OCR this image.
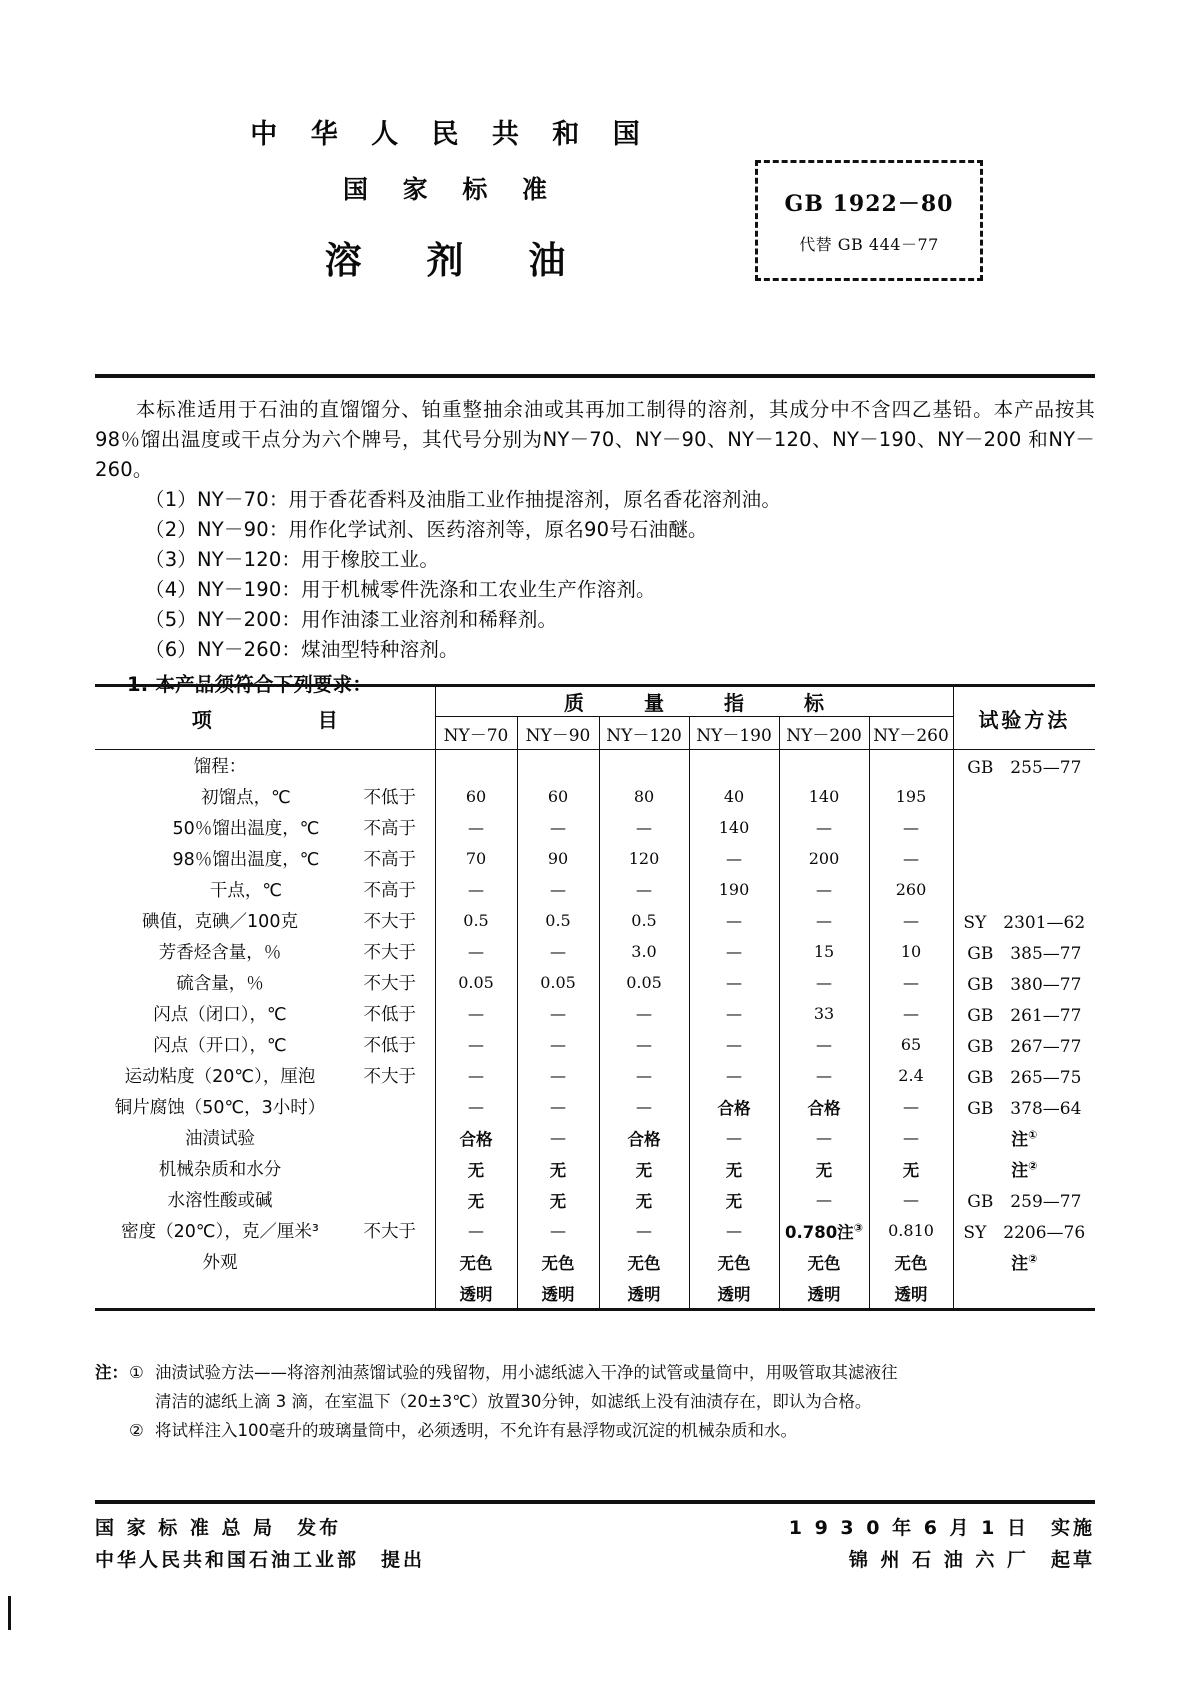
中 华 人 民 共 和 国
国 家 标 准
溶 剂 油
GB 1922－80
代替 GB 444－77
本标准适用于石油的直馏馏分、铂重整抽余油或其再加工制得的溶剂，其成分中不含四乙基铅。本产品按其98％馏出温度或干点分为六个牌号，其代号分别为NY－70、NY－90、NY－120、NY－190、NY－200 和NY－260。
（1）NY－70：用于香花香料及油脂工业作抽提溶剂，原名香花溶剂油。
（2）NY－90：用作化学试剂、医药溶剂等，原名90号石油醚。
（3）NY－120：用于橡胶工业。
（4）NY－190：用于机械零件洗涤和工农业生产作溶剂。
（5）NY－200：用作油漆工业溶剂和稀释剂。
（6）NY－260：煤油型特种溶剂。
1. 本产品须符合下列要求：
项　　目		质　量　指　标						试验方法
		NY－70	NY－90	NY－120	NY－190	NY－200	NY－260	
馏程：								GB　255—77
初馏点，℃	不低于	60	60	80	40	140	195	
50％馏出温度，℃	不高于	—	—	—	140	—	—	
98％馏出温度，℃	不高于	70	90	120	—	200	—	
干点，℃	不高于	—	—	—	190	—	260	
碘值，克碘／100克	不大于	0.5	0.5	0.5	—	—	—	SY　2301—62
芳香烃含量，％	不大于	—	—	3.0	—	15	10	GB　385—77
硫含量，％	不大于	0.05	0.05	0.05	—	—	—	GB　380—77
闪点（闭口），℃	不低于	—	—	—	—	33	—	GB　261—77
闪点（开口），℃	不低于	—	—	—	—	—	65	GB　267—77
运动粘度（20℃），厘泡	不大于	—	—	—	—	—	2.4	GB　265—75
铜片腐蚀（50℃，3小时）		—	—	—	合格	合格	—	GB　378—64
油渍试验		合格	—	合格	—	—	—	注①
机械杂质和水分		无	无	无	无	无	无	注②
水溶性酸或碱		无	无	无	无	—	—	GB　259—77
密度（20℃），克／厘米³	不大于	—	—	—	—	0.780注③	0.810	SY　2206—76
外观		无色	无色	无色	无色	无色	无色	注②
		透明	透明	透明	透明	透明	透明	
注： ① 油渍试验方法——将溶剂油蒸馏试验的残留物，用小滤纸滤入干净的试管或量筒中，用吸管取其滤液往
清洁的滤纸上滴 3 滴，在室温下（20±3℃）放置30分钟，如滤纸上没有油渍存在，即认为合格。
② 将试样注入100毫升的玻璃量筒中，必须透明，不允许有悬浮物或沉淀的机械杂质和水。
国 家 标 准 总 局　发布	1 9 3 0 年 6 月 1 日　实施
中华人民共和国石油工业部　提出	锦 州 石 油 六 厂　起草
